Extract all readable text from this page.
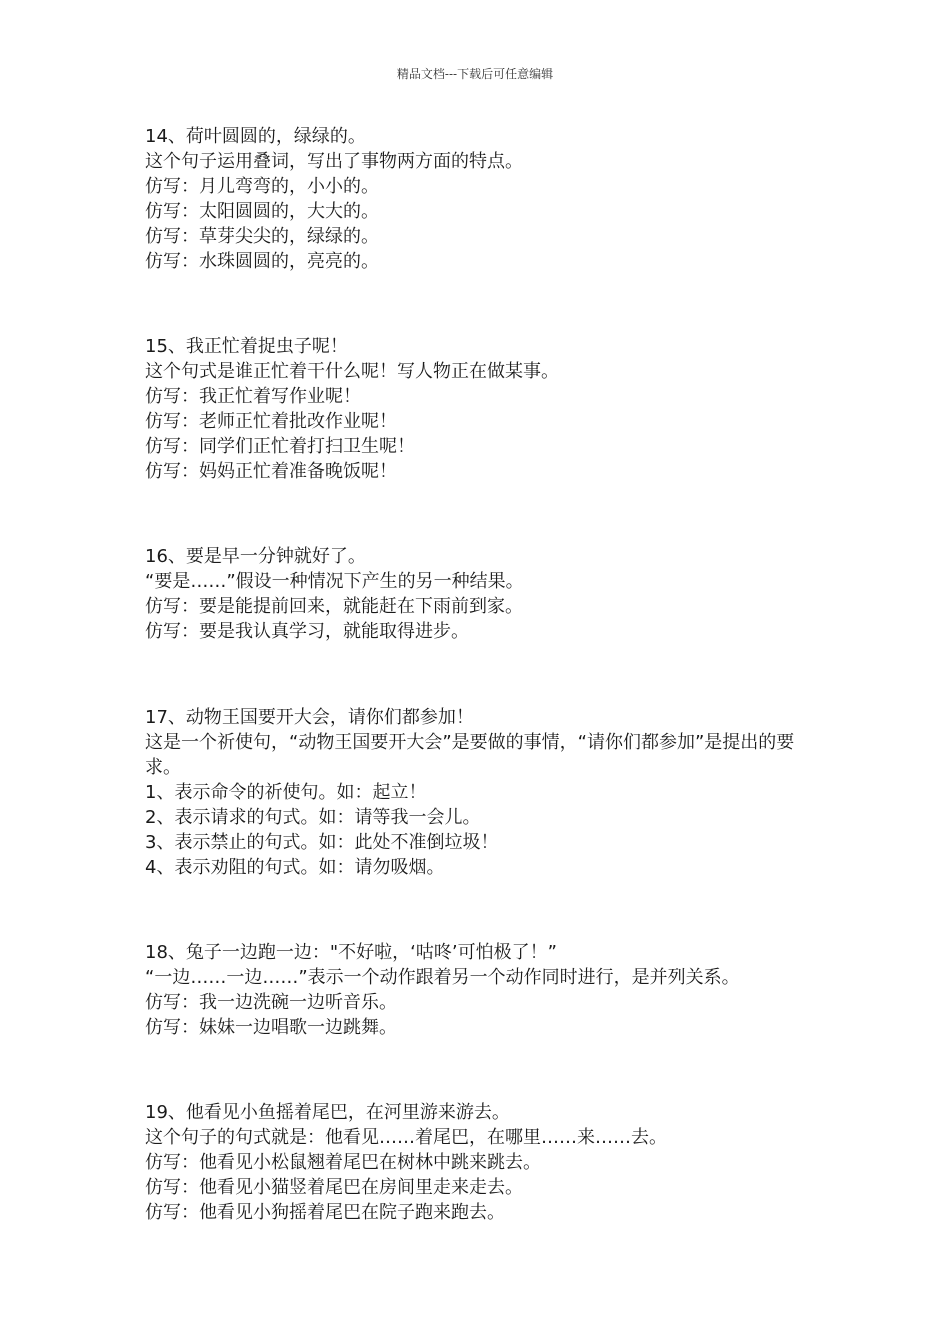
精品文档---下载后可任意编辑

14、荷叶圆圆的，绿绿的。

这个句子运用叠词，写出了事物两方面的特点。

仿写：月儿弯弯的，小小的。

仿写：太阳圆圆的，大大的。

仿写：草芽尖尖的，绿绿的。

仿写：水珠圆圆的，亮亮的。

15、我正忙着捉虫子呢！

这个句式是谁正忙着干什么呢！写人物正在做某事。

仿写：我正忙着写作业呢！

仿写：老师正忙着批改作业呢！

仿写：同学们正忙着打扫卫生呢！

仿写：妈妈正忙着准备晚饭呢！

16、要是早一分钟就好了。

“要是……”假设一种情况下产生的另一种结果。

仿写：要是能提前回来，就能赶在下雨前到家。

仿写：要是我认真学习，就能取得进步。

17、动物王国要开大会，请你们都参加！

这是一个祈使句，“动物王国要开大会”是要做的事情，“请你们都参加”是提出的要求。

1、表示命令的祈使句。如：起立！

2、表示请求的句式。如：请等我一会儿。

3、表示禁止的句式。如：此处不准倒垃圾！

4、表示劝阻的句式。如：请勿吸烟。

18、兔子一边跑一边："不好啦，‘咕咚’可怕极了！”

“一边……一边……”表示一个动作跟着另一个动作同时进行，是并列关系。

仿写：我一边洗碗一边听音乐。

仿写：妹妹一边唱歌一边跳舞。

19、他看见小鱼摇着尾巴，在河里游来游去。

这个句子的句式就是：他看见……着尾巴，在哪里……来……去。

仿写：他看见小松鼠翘着尾巴在树林中跳来跳去。

仿写：他看见小猫竖着尾巴在房间里走来走去。

仿写：他看见小狗摇着尾巴在院子跑来跑去。
